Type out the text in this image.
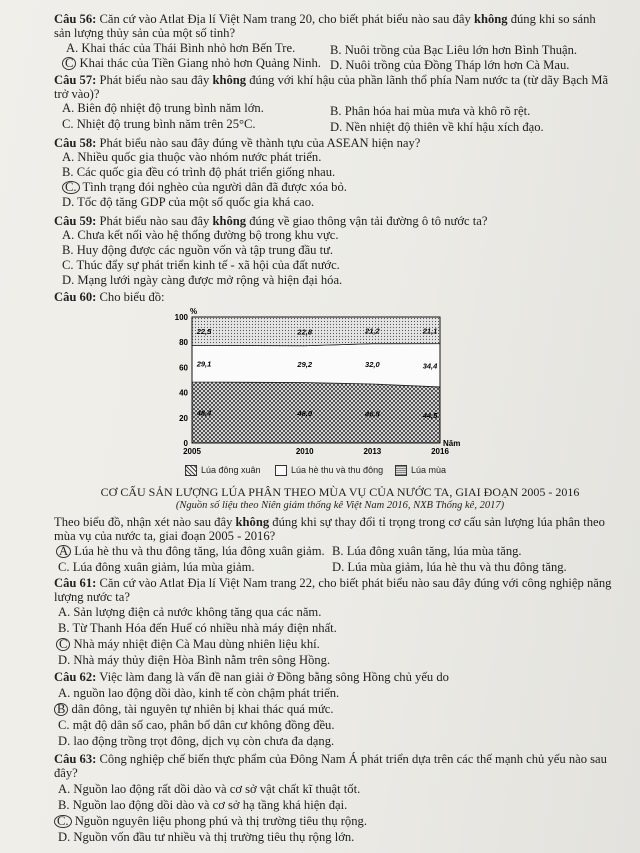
Câu 56: Căn cứ vào Atlat Địa lí Việt Nam trang 20, cho biết phát biểu nào sau đây không đúng khi so sánh sản lượng thủy sản của một số tỉnh?
A. Khai thác của Thái Bình nhỏ hơn Bến Tre.	B. Nuôi trồng của Bạc Liêu lớn hơn Bình Thuận.
C Khai thác của Tiền Giang nhỏ hơn Quảng Ninh. D. Nuôi trồng của Đồng Tháp lớn hơn Cà Mau.
Câu 57: Phát biểu nào sau đây không đúng với khí hậu của phần lãnh thổ phía Nam nước ta (từ dãy Bạch Mã trở vào)?
A. Biên độ nhiệt độ trung bình năm lớn.	B. Phân hóa hai mùa mưa và khô rõ rệt.
C. Nhiệt độ trung bình năm trên 25°C.	D. Nền nhiệt độ thiên về khí hậu xích đạo.
Câu 58: Phát biểu nào sau đây đúng về thành tựu của ASEAN hiện nay?
A. Nhiều quốc gia thuộc vào nhóm nước phát triển.
B. Các quốc gia đều có trình độ phát triển giống nhau.
C. Tình trạng đói nghèo của người dân đã được xóa bỏ.
D. Tốc độ tăng GDP của một số quốc gia khá cao.
Câu 59: Phát biểu nào sau đây không đúng về giao thông vận tải đường ô tô nước ta?
A. Chưa kết nối vào hệ thống đường bộ trong khu vực.
B. Huy động được các nguồn vốn và tập trung đầu tư.
C. Thúc đẩy sự phát triển kinh tế - xã hội của đất nước.
D. Mạng lưới ngày càng được mở rộng và hiện đại hóa.
Câu 60: Cho biểu đồ:
48,4	48,0	46,8	44,5
29,1	29,2	32,0	34,4
22,5	22,8	21,2	21,1
0
20
40
60
80
100
2005	2010	2013	2016
%
Năm
Lúa đông xuân	Lúa hè thu và thu đông	Lúa mùa
CƠ CẤU SẢN LƯỢNG LÚA PHÂN THEO MÙA VỤ CỦA NƯỚC TA, GIAI ĐOẠN 2005 - 2016
(Nguồn số liệu theo Niên giám thống kê Việt Nam 2016, NXB Thống kê, 2017)
Theo biểu đồ, nhận xét nào sau đây không đúng khi sự thay đổi tỉ trọng trong cơ cấu sản lượng lúa phân theo mùa vụ của nước ta, giai đoạn 2005 - 2016?
A Lúa hè thu và thu đông tăng, lúa đông xuân giảm. B. Lúa đông xuân tăng, lúa mùa tăng.
C. Lúa đông xuân giảm, lúa mùa giảm.	D. Lúa mùa giảm, lúa hè thu và thu đông tăng.
Câu 61: Căn cứ vào Atlat Địa lí Việt Nam trang 22, cho biết phát biểu nào sau đây đúng với công nghiệp năng lượng nước ta?
A. Sản lượng điện cả nước không tăng qua các năm.
B. Từ Thanh Hóa đến Huế có nhiều nhà máy điện nhất.
C Nhà máy nhiệt điện Cà Mau dùng nhiên liệu khí.
D. Nhà máy thủy điện Hòa Bình nằm trên sông Hồng.
Câu 62: Việc làm đang là vấn đề nan giải ở Đồng bằng sông Hồng chủ yếu do
A. nguồn lao động dồi dào, kinh tế còn chậm phát triển.
B dân đông, tài nguyên tự nhiên bị khai thác quá mức.
C. mật độ dân số cao, phân bố dân cư không đồng đều.
D. lao động trồng trọt đông, dịch vụ còn chưa đa dạng.
Câu 63: Công nghiệp chế biến thực phẩm của Đông Nam Á phát triển dựa trên các thế mạnh chủ yếu nào sau đây?
A. Nguồn lao động rất dồi dào và cơ sở vật chất kĩ thuật tốt.
B. Nguồn lao động dồi dào và cơ sở hạ tầng khá hiện đại.
C. Nguồn nguyên liệu phong phú và thị trường tiêu thụ rộng.
D. Nguồn vốn đầu tư nhiều và thị trường tiêu thụ rộng lớn.
